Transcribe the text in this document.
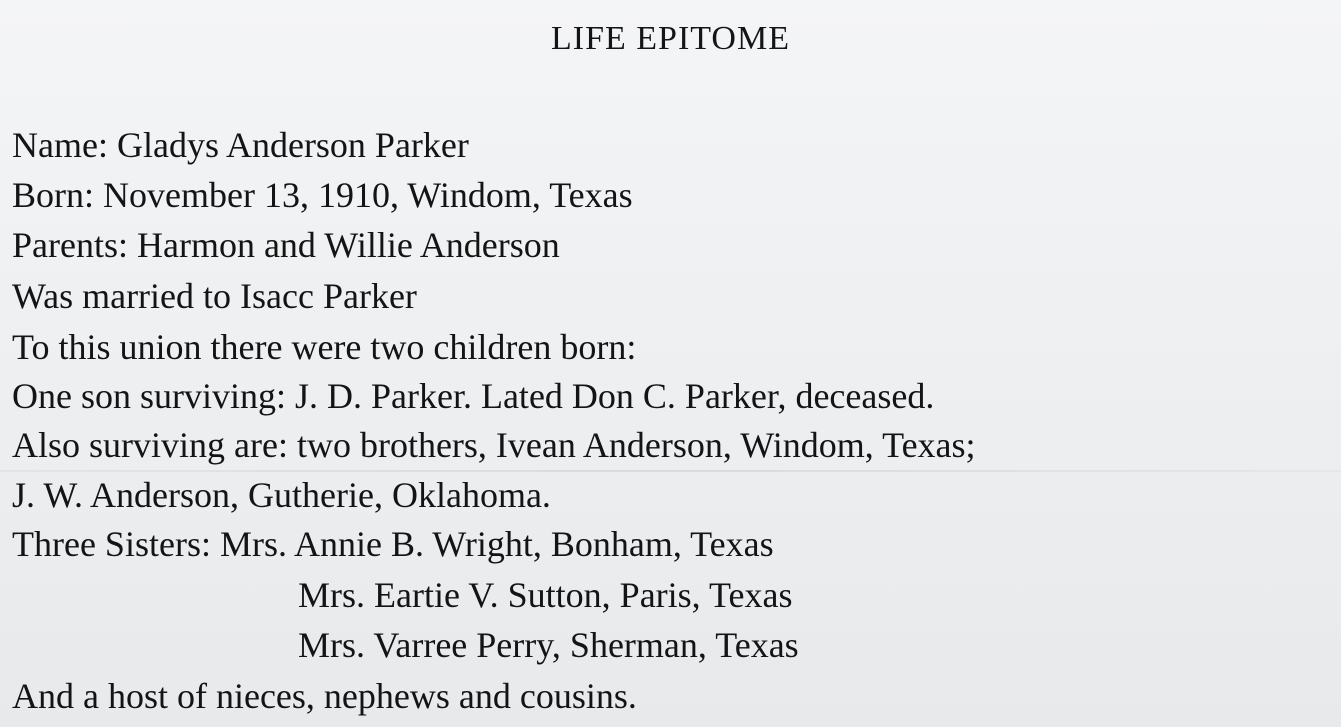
LIFE EPITOME
Name: Gladys Anderson Parker
Born: November 13, 1910, Windom, Texas
Parents: Harmon and Willie Anderson
Was married to Isacc Parker
To this union there were two children born:
One son surviving: J. D. Parker. Lated Don C. Parker, deceased.
Also surviving are: two brothers, Ivean Anderson, Windom, Texas;
J. W. Anderson, Gutherie, Oklahoma.
Three Sisters: Mrs. Annie B. Wright, Bonham, Texas
Mrs. Eartie V. Sutton, Paris, Texas
Mrs. Varree Perry, Sherman, Texas
And a host of nieces, nephews and cousins.
